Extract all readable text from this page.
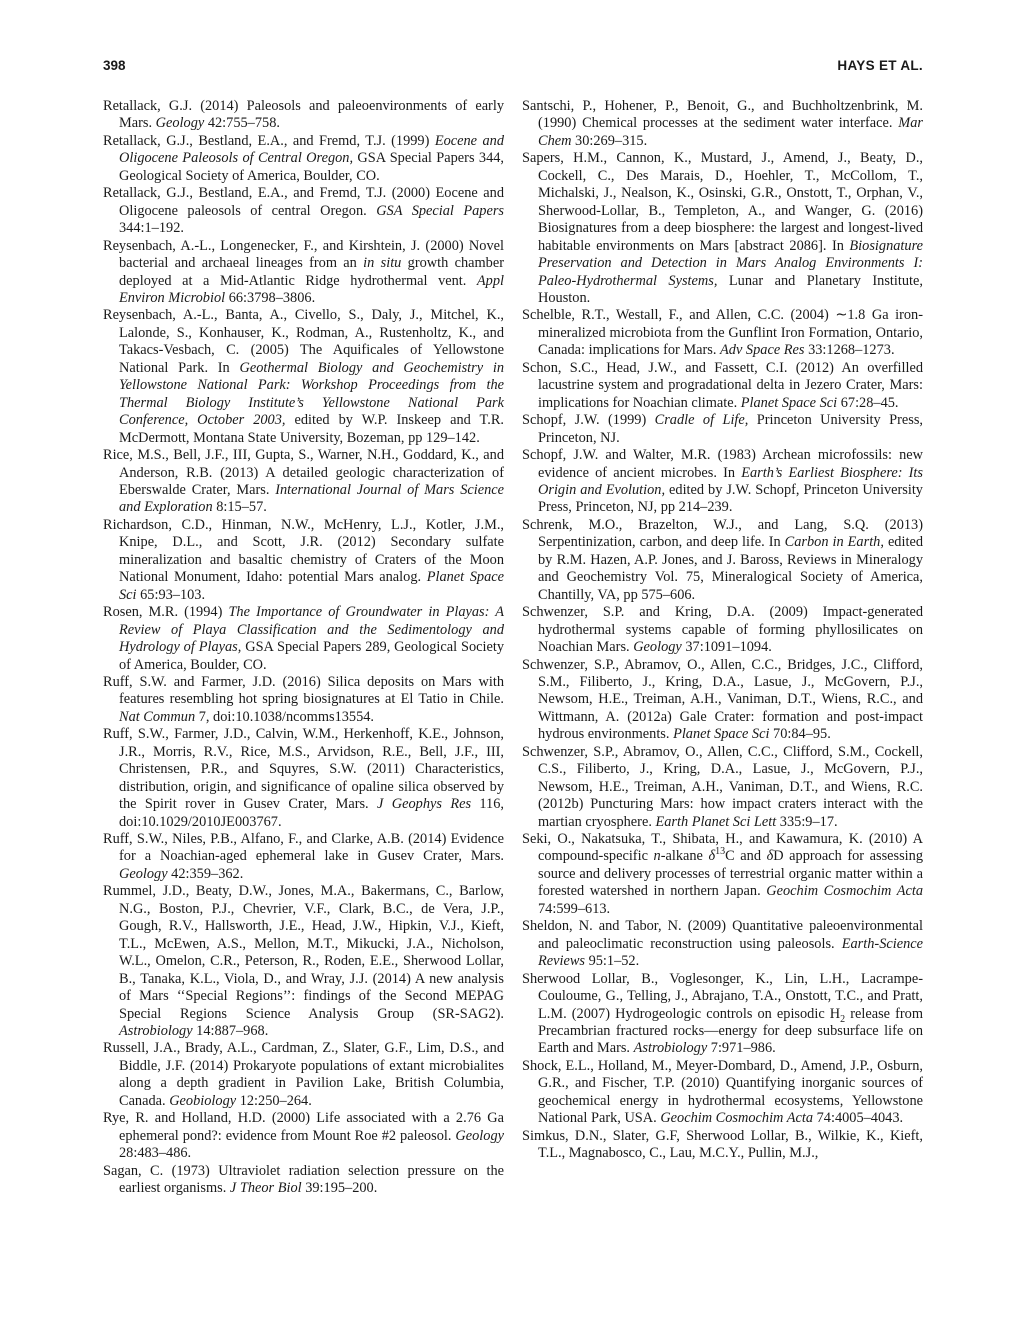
398	HAYS ET AL.

Retallack, G.J. (2014) Paleosols and paleoenvironments of early Mars. Geology 42:755–758.

Retallack, G.J., Bestland, E.A., and Fremd, T.J. (1999) Eocene and Oligocene Paleosols of Central Oregon, GSA Special Papers 344, Geological Society of America, Boulder, CO.

Retallack, G.J., Bestland, E.A., and Fremd, T.J. (2000) Eocene and Oligocene paleosols of central Oregon. GSA Special Papers 344:1–192.

Reysenbach, A.-L., Longenecker, F., and Kirshtein, J. (2000) Novel bacterial and archaeal lineages from an in situ growth chamber deployed at a Mid-Atlantic Ridge hydrothermal vent. Appl Environ Microbiol 66:3798–3806.

Reysenbach, A.-L., Banta, A., Civello, S., Daly, J., Mitchel, K., Lalonde, S., Konhauser, K., Rodman, A., Rustenholtz, K., and Takacs-Vesbach, C. (2005) The Aquificales of Yellowstone National Park. In Geothermal Biology and Geochemistry in Yellowstone National Park: Workshop Proceedings from the Thermal Biology Institute’s Yellowstone National Park Conference, October 2003, edited by W.P. Inskeep and T.R. McDermott, Montana State University, Bozeman, pp 129–142.

Rice, M.S., Bell, J.F., III, Gupta, S., Warner, N.H., Goddard, K., and Anderson, R.B. (2013) A detailed geologic characterization of Eberswalde Crater, Mars. International Journal of Mars Science and Exploration 8:15–57.

Richardson, C.D., Hinman, N.W., McHenry, L.J., Kotler, J.M., Knipe, D.L., and Scott, J.R. (2012) Secondary sulfate mineralization and basaltic chemistry of Craters of the Moon National Monument, Idaho: potential Mars analog. Planet Space Sci 65:93–103.

Rosen, M.R. (1994) The Importance of Groundwater in Playas: A Review of Playa Classification and the Sedimentology and Hydrology of Playas, GSA Special Papers 289, Geological Society of America, Boulder, CO.

Ruff, S.W. and Farmer, J.D. (2016) Silica deposits on Mars with features resembling hot spring biosignatures at El Tatio in Chile. Nat Commun 7, doi:10.1038/ncomms13554.

Ruff, S.W., Farmer, J.D., Calvin, W.M., Herkenhoff, K.E., Johnson, J.R., Morris, R.V., Rice, M.S., Arvidson, R.E., Bell, J.F., III, Christensen, P.R., and Squyres, S.W. (2011) Characteristics, distribution, origin, and significance of opaline silica observed by the Spirit rover in Gusev Crater, Mars. J Geophys Res 116, doi:10.1029/2010JE003767.

Ruff, S.W., Niles, P.B., Alfano, F., and Clarke, A.B. (2014) Evidence for a Noachian-aged ephemeral lake in Gusev Crater, Mars. Geology 42:359–362.

Rummel, J.D., Beaty, D.W., Jones, M.A., Bakermans, C., Barlow, N.G., Boston, P.J., Chevrier, V.F., Clark, B.C., de Vera, J.P., Gough, R.V., Hallsworth, J.E., Head, J.W., Hipkin, V.J., Kieft, T.L., McEwen, A.S., Mellon, M.T., Mikucki, J.A., Nicholson, W.L., Omelon, C.R., Peterson, R., Roden, E.E., Sherwood Lollar, B., Tanaka, K.L., Viola, D., and Wray, J.J. (2014) A new analysis of Mars ‘‘Special Regions’’: findings of the Second MEPAG Special Regions Science Analysis Group (SR-SAG2). Astrobiology 14:887–968.

Russell, J.A., Brady, A.L., Cardman, Z., Slater, G.F., Lim, D.S., and Biddle, J.F. (2014) Prokaryote populations of extant microbialites along a depth gradient in Pavilion Lake, British Columbia, Canada. Geobiology 12:250–264.

Rye, R. and Holland, H.D. (2000) Life associated with a 2.76 Ga ephemeral pond?: evidence from Mount Roe #2 paleosol. Geology 28:483–486.

Sagan, C. (1973) Ultraviolet radiation selection pressure on the earliest organisms. J Theor Biol 39:195–200.

Santschi, P., Hohener, P., Benoit, G., and Buchholtzenbrink, M. (1990) Chemical processes at the sediment water interface. Mar Chem 30:269–315.

Sapers, H.M., Cannon, K., Mustard, J., Amend, J., Beaty, D., Cockell, C., Des Marais, D., Hoehler, T., McCollom, T., Michalski, J., Nealson, K., Osinski, G.R., Onstott, T., Orphan, V., Sherwood-Lollar, B., Templeton, A., and Wanger, G. (2016) Biosignatures from a deep biosphere: the largest and longest-lived habitable environments on Mars [abstract 2086]. In Biosignature Preservation and Detection in Mars Analog Environments I: Paleo-Hydrothermal Systems, Lunar and Planetary Institute, Houston.

Schelble, R.T., Westall, F., and Allen, C.C. (2004) ∼1.8 Ga iron-mineralized microbiota from the Gunflint Iron Formation, Ontario, Canada: implications for Mars. Adv Space Res 33:1268–1273.

Schon, S.C., Head, J.W., and Fassett, C.I. (2012) An overfilled lacustrine system and progradational delta in Jezero Crater, Mars: implications for Noachian climate. Planet Space Sci 67:28–45.

Schopf, J.W. (1999) Cradle of Life, Princeton University Press, Princeton, NJ.

Schopf, J.W. and Walter, M.R. (1983) Archean microfossils: new evidence of ancient microbes. In Earth’s Earliest Biosphere: Its Origin and Evolution, edited by J.W. Schopf, Princeton University Press, Princeton, NJ, pp 214–239.

Schrenk, M.O., Brazelton, W.J., and Lang, S.Q. (2013) Serpentinization, carbon, and deep life. In Carbon in Earth, edited by R.M. Hazen, A.P. Jones, and J. Baross, Reviews in Mineralogy and Geochemistry Vol. 75, Mineralogical Society of America, Chantilly, VA, pp 575–606.

Schwenzer, S.P. and Kring, D.A. (2009) Impact-generated hydrothermal systems capable of forming phyllosilicates on Noachian Mars. Geology 37:1091–1094.

Schwenzer, S.P., Abramov, O., Allen, C.C., Bridges, J.C., Clifford, S.M., Filiberto, J., Kring, D.A., Lasue, J., McGovern, P.J., Newsom, H.E., Treiman, A.H., Vaniman, D.T., Wiens, R.C., and Wittmann, A. (2012a) Gale Crater: formation and post-impact hydrous environments. Planet Space Sci 70:84–95.

Schwenzer, S.P., Abramov, O., Allen, C.C., Clifford, S.M., Cockell, C.S., Filiberto, J., Kring, D.A., Lasue, J., McGovern, P.J., Newsom, H.E., Treiman, A.H., Vaniman, D.T., and Wiens, R.C. (2012b) Puncturing Mars: how impact craters interact with the martian cryosphere. Earth Planet Sci Lett 335:9–17.

Seki, O., Nakatsuka, T., Shibata, H., and Kawamura, K. (2010) A compound-specific n-alkane $\delta^{13}C$ and δD approach for assessing source and delivery processes of terrestrial organic matter within a forested watershed in northern Japan. Geochim Cosmochim Acta 74:599–613.

Sheldon, N. and Tabor, N. (2009) Quantitative paleoenvironmental and paleoclimatic reconstruction using paleosols. Earth-Science Reviews 95:1–52.

Sherwood Lollar, B., Voglesonger, K., Lin, L.H., Lacrampe-Couloume, G., Telling, J., Abrajano, T.A., Onstott, T.C., and Pratt, L.M. (2007) Hydrogeologic controls on episodic $H_2$ release from Precambrian fractured rocks—energy for deep subsurface life on Earth and Mars. Astrobiology 7:971–986.

Shock, E.L., Holland, M., Meyer-Dombard, D., Amend, J.P., Osburn, G.R., and Fischer, T.P. (2010) Quantifying inorganic sources of geochemical energy in hydrothermal ecosystems, Yellowstone National Park, USA. Geochim Cosmochim Acta 74:4005–4043.

Simkus, D.N., Slater, G.F, Sherwood Lollar, B., Wilkie, K., Kieft, T.L., Magnabosco, C., Lau, M.C.Y., Pullin, M.J.,
